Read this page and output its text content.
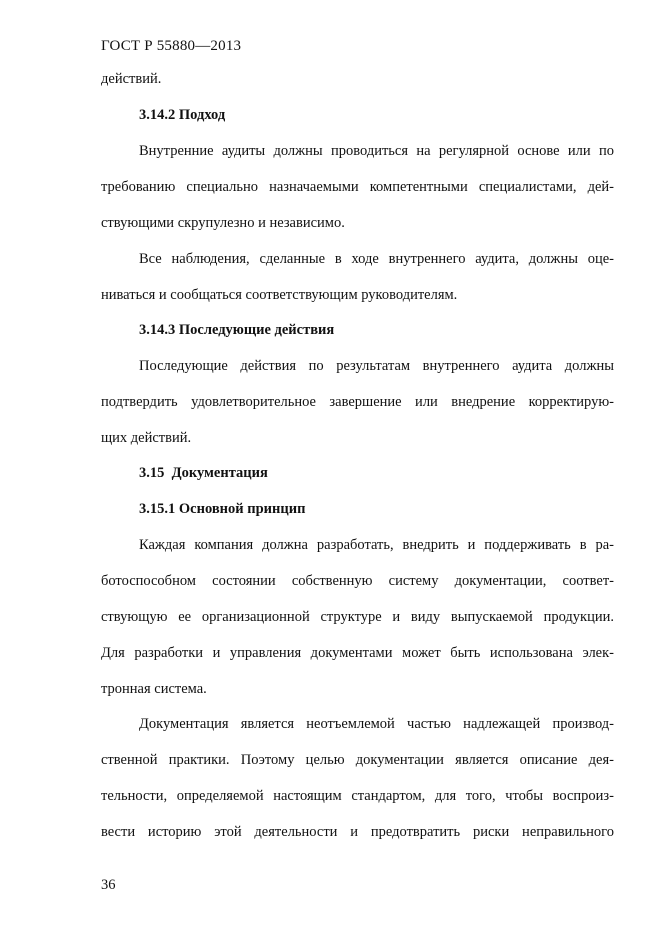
ГОСТ Р 55880—2013
действий.
3.14.2 Подход
Внутренние аудиты должны проводиться на регулярной основе или по
требованию специально назначаемыми компетентными специалистами, дей-
ствующими скрупулезно и независимо.
Все наблюдения, сделанные в ходе внутреннего аудита, должны оце-
ниваться и сообщаться соответствующим руководителям.
3.14.3 Последующие действия
Последующие действия по результатам внутреннего аудита должны
подтвердить удовлетворительное завершение или внедрение корректирую-
щих действий.
3.15  Документация
3.15.1 Основной принцип
Каждая компания должна разработать, внедрить и поддерживать в ра-
ботоспособном состоянии собственную систему документации, соответ-
ствующую ее организационной структуре и виду выпускаемой продукции.
Для разработки и управления документами может быть использована элек-
тронная система.
Документация является неотъемлемой частью надлежащей производ-
ственной практики. Поэтому целью документации является описание дея-
тельности, определяемой настоящим стандартом, для того, чтобы воспроиз-
вести историю этой деятельности и предотвратить риски неправильного
36
